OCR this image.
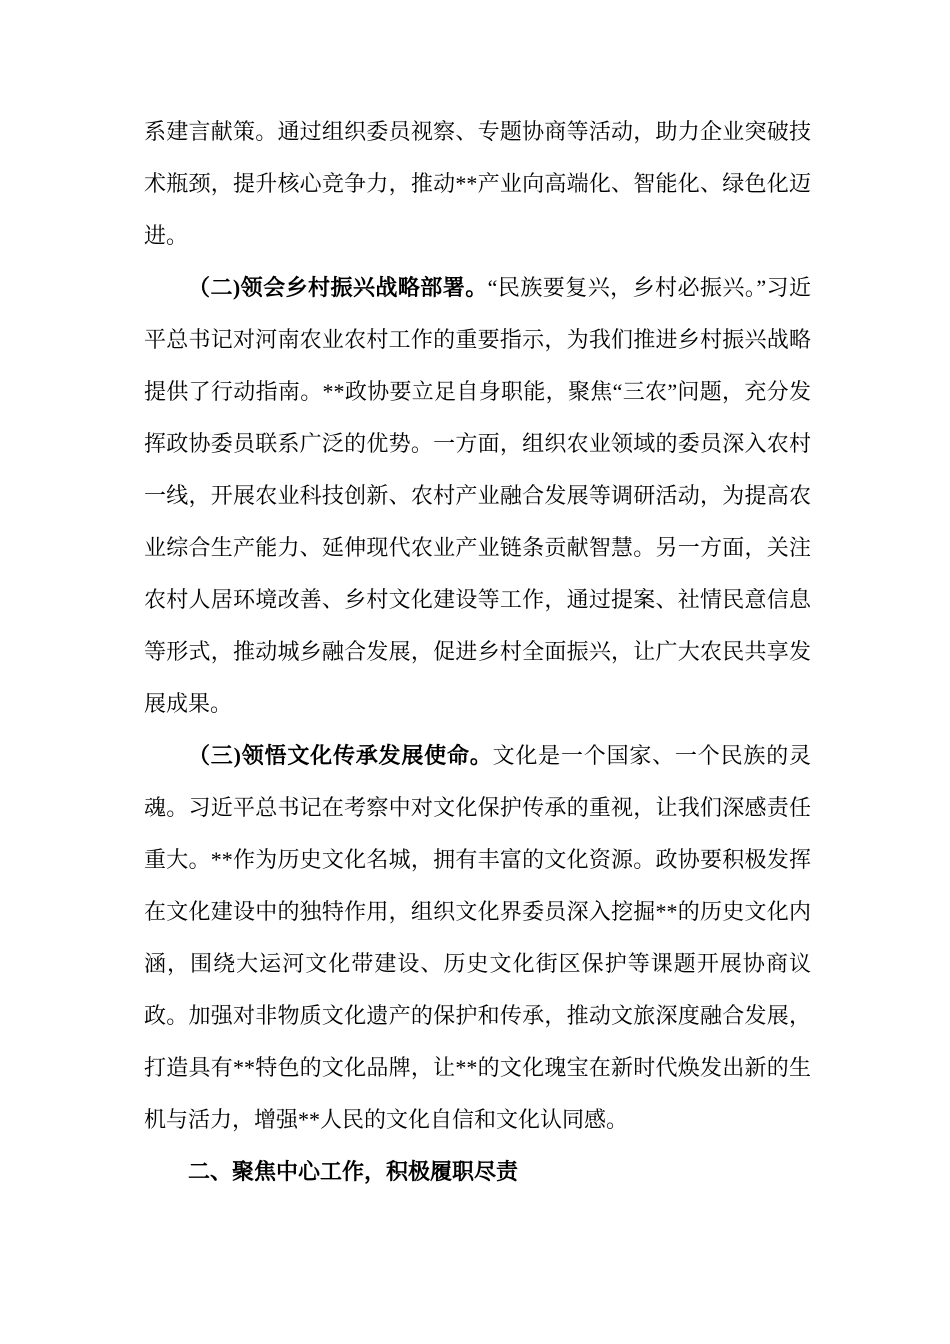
系建言献策。通过组织委员视察、专题协商等活动，助力企业突破技术瓶颈，提升核心竞争力，推动**产业向高端化、智能化、绿色化迈进。

（二)领会乡村振兴战略部署。“民族要复兴，乡村必振兴。”习近平总书记对河南农业农村工作的重要指示，为我们推进乡村振兴战略提供了行动指南。**政协要立足自身职能，聚焦“三农”问题，充分发挥政协委员联系广泛的优势。一方面，组织农业领域的委员深入农村一线，开展农业科技创新、农村产业融合发展等调研活动，为提高农业综合生产能力、延伸现代农业产业链条贡献智慧。另一方面，关注农村人居环境改善、乡村文化建设等工作，通过提案、社情民意信息等形式，推动城乡融合发展，促进乡村全面振兴，让广大农民共享发展成果。

（三)领悟文化传承发展使命。文化是一个国家、一个民族的灵魂。习近平总书记在考察中对文化保护传承的重视，让我们深感责任重大。**作为历史文化名城，拥有丰富的文化资源。政协要积极发挥在文化建设中的独特作用，组织文化界委员深入挖掘**的历史文化内涵，围绕大运河文化带建设、历史文化街区保护等课题开展协商议政。加强对非物质文化遗产的保护和传承，推动文旅深度融合发展，打造具有**特色的文化品牌，让**的文化瑰宝在新时代焕发出新的生机与活力，增强**人民的文化自信和文化认同感。

二、聚焦中心工作，积极履职尽责
